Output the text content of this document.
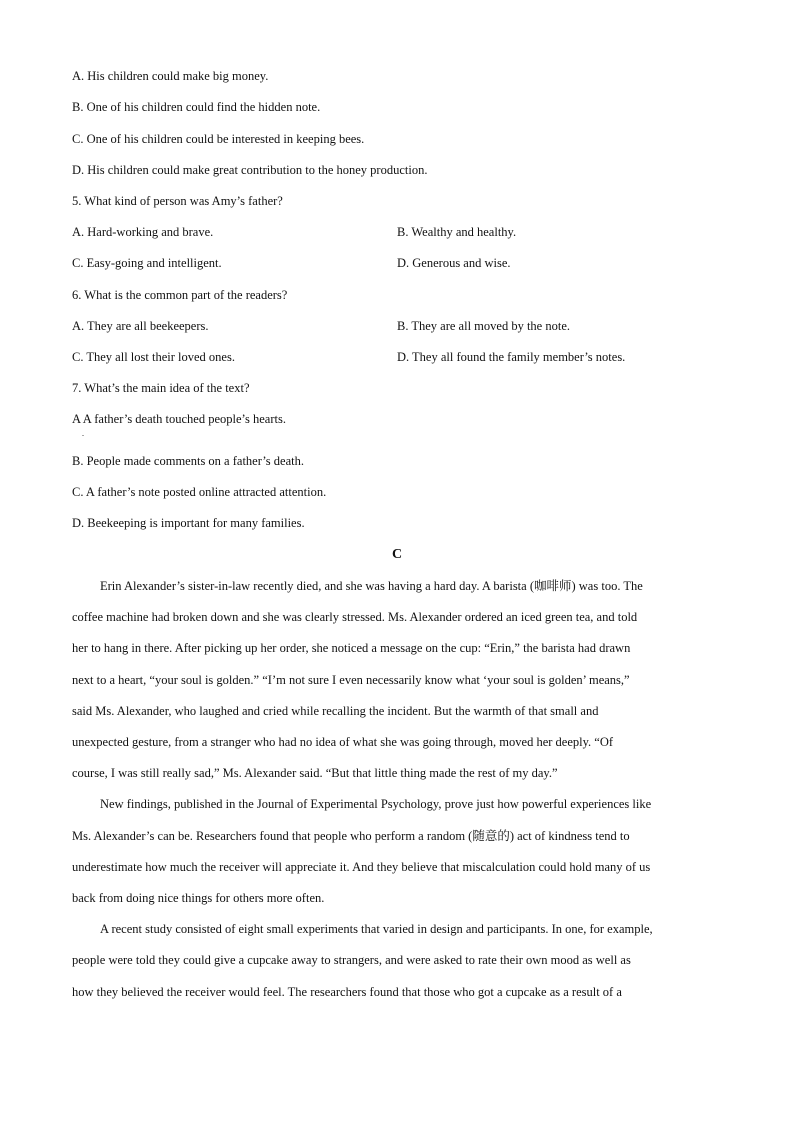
A. His children could make big money.
B. One of his children could find the hidden note.
C. One of his children could be interested in keeping bees.
D. His children could make great contribution to the honey production.
5. What kind of person was Amy’s father?
A. Hard-working and brave.	B. Wealthy and healthy.
C. Easy-going and intelligent.	D. Generous and wise.
6. What is the common part of the readers?
A. They are all beekeepers.	B. They are all moved by the note.
C. They all lost their loved ones.	D. They all found the family member’s notes.
7. What’s the main idea of the text?
A A father’s death touched people’s hearts.
.
B. People made comments on a father’s death.
C. A father’s note posted online attracted attention.
D. Beekeeping is important for many families.
C
Erin Alexander’s sister-in-law recently died, and she was having a hard day. A barista (咖啡师) was too. The
coffee machine had broken down and she was clearly stressed. Ms. Alexander ordered an iced green tea, and told
her to hang in there. After picking up her order, she noticed a message on the cup: “Erin,” the barista had drawn
next to a heart, “your soul is golden.” “I’m not sure I even necessarily know what ‘your soul is golden’ means,”
said Ms. Alexander, who laughed and cried while recalling the incident. But the warmth of that small and
unexpected gesture, from a stranger who had no idea of what she was going through, moved her deeply. “Of
course, I was still really sad,” Ms. Alexander said. “But that little thing made the rest of my day.”
New findings, published in the Journal of Experimental Psychology, prove just how powerful experiences like
Ms. Alexander’s can be. Researchers found that people who perform a random (随意的) act of kindness tend to
underestimate how much the receiver will appreciate it. And they believe that miscalculation could hold many of us
back from doing nice things for others more often.
A recent study consisted of eight small experiments that varied in design and participants. In one, for example,
people were told they could give a cupcake away to strangers, and were asked to rate their own mood as well as
how they believed the receiver would feel. The researchers found that those who got a cupcake as a result of a
